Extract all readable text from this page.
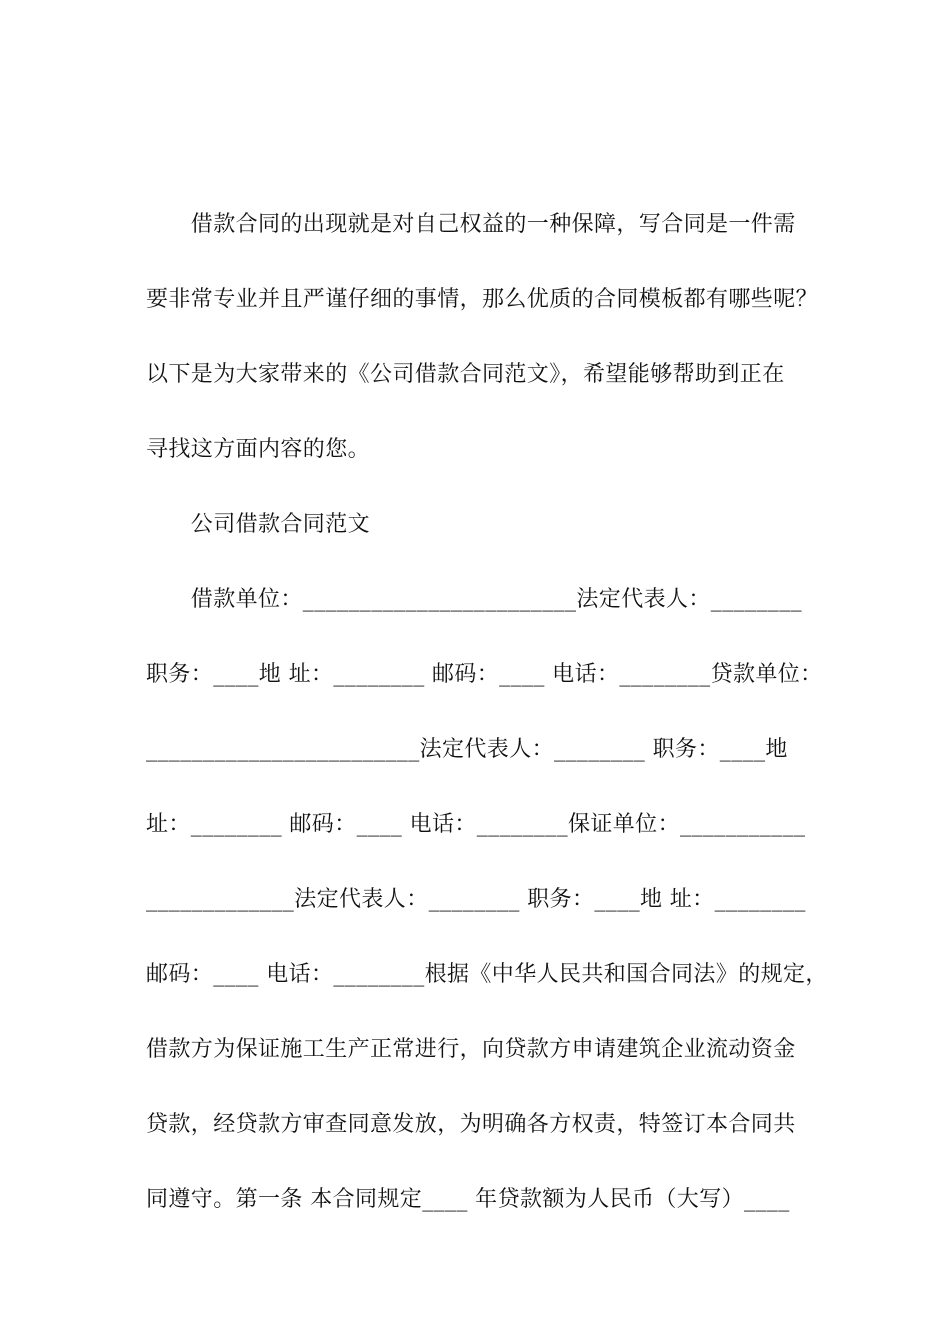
　　借款合同的出现就是对自己权益的一种保障，写合同是一件需
要非常专业并且严谨仔细的事情，那么优质的合同模板都有哪些呢？
以下是为大家带来的《公司借款合同范文》，希望能够帮助到正在
寻找这方面内容的您。
　　公司借款合同范文
　　借款单位：________________________法定代表人：________
职务：____地 址：________ 邮码：____ 电话：________贷款单位：
________________________法定代表人：________ 职务：____地
址：________ 邮码：____ 电话：________保证单位：___________
_____________法定代表人：________ 职务：____地 址：________
邮码：____ 电话：________根据《中华人民共和国合同法》的规定，
借款方为保证施工生产正常进行，向贷款方申请建筑企业流动资金
贷款，经贷款方审查同意发放，为明确各方权责，特签订本合同共
同遵守。第一条 本合同规定____ 年贷款额为人民币（大写）____
